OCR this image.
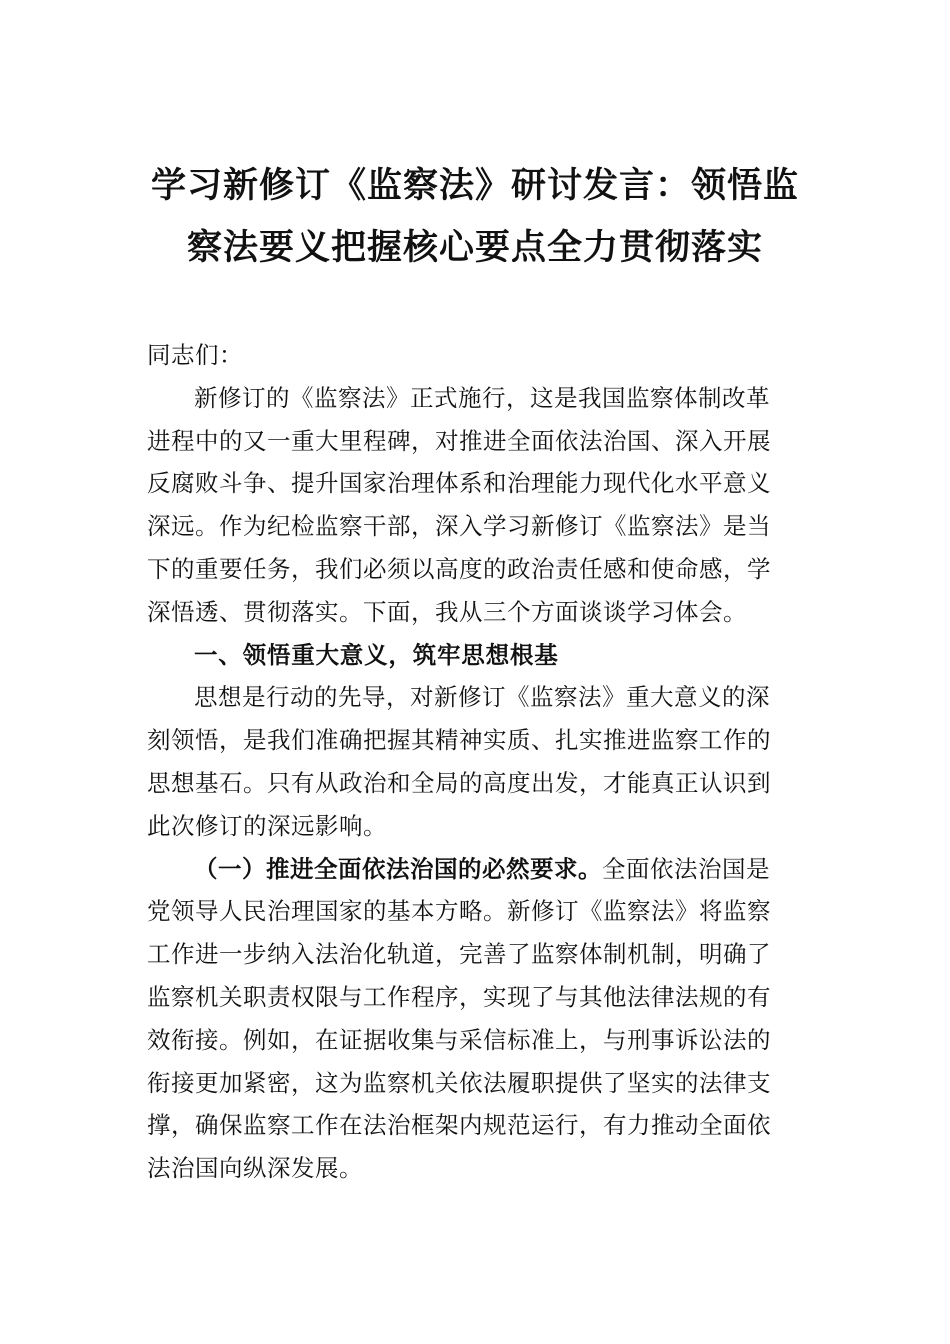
学习新修订《监察法》研讨发言：领悟监
察法要义把握核心要点全力贯彻落实

同志们：

新修订的《监察法》正式施行，这是我国监察体制改革
进程中的又一重大里程碑，对推进全面依法治国、深入开展
反腐败斗争、提升国家治理体系和治理能力现代化水平意义
深远。作为纪检监察干部，深入学习新修订《监察法》是当
下的重要任务，我们必须以高度的政治责任感和使命感，学
深悟透、贯彻落实。下面，我从三个方面谈谈学习体会。

一、领悟重大意义，筑牢思想根基

思想是行动的先导，对新修订《监察法》重大意义的深
刻领悟，是我们准确把握其精神实质、扎实推进监察工作的
思想基石。只有从政治和全局的高度出发，才能真正认识到
此次修订的深远影响。

（一）推进全面依法治国的必然要求。全面依法治国是
党领导人民治理国家的基本方略。新修订《监察法》将监察
工作进一步纳入法治化轨道，完善了监察体制机制，明确了
监察机关职责权限与工作程序，实现了与其他法律法规的有
效衔接。例如，在证据收集与采信标准上，与刑事诉讼法的
衔接更加紧密，这为监察机关依法履职提供了坚实的法律支
撑，确保监察工作在法治框架内规范运行，有力推动全面依
法治国向纵深发展。
